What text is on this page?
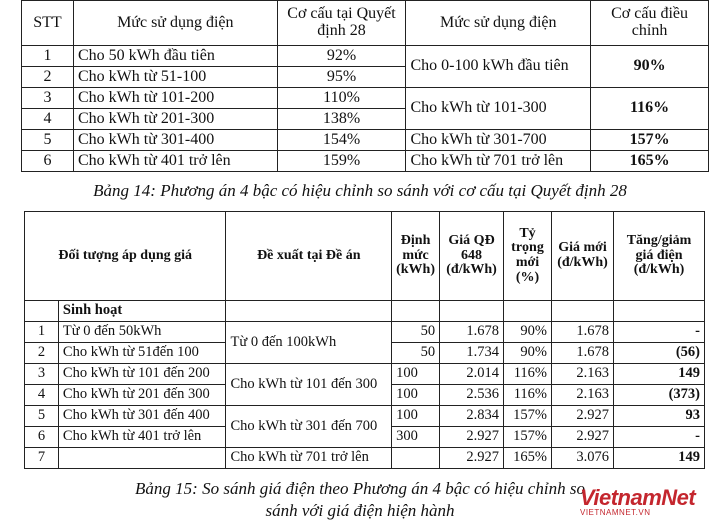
STT	Mức sử dụng điện	Cơ cấu tại Quyết định 28	Mức sử dụng điện	Cơ cấu điều chỉnh
1	Cho 50 kWh đầu tiên	92%	Cho 0-100 kWh đầu tiên	90%
2	Cho kWh từ 51-100	95%		
3	Cho kWh từ 101-200	110%	Cho kWh từ 101-300	116%
4	Cho kWh từ 201-300	138%		
5	Cho kWh từ 301-400	154%	Cho kWh từ 301-700	157%
6	Cho kWh từ 401 trở lên	159%	Cho kWh từ 701 trở lên	165%
Bảng 14: Phương án 4 bậc có hiệu chỉnh so sánh với cơ cấu tại Quyết định 28
Đối tượng áp dụng giá		Đề xuất tại Đề án	Định mức (kWh)	Giá QĐ 648 (đ/kWh)	Tỷ trọng mới (%)	Giá mới (đ/kWh)	Tăng/giảm giá điện (đ/kWh)
	Sinh hoạt						
1	Từ 0 đến 50kWh	Từ 0 đến 100kWh	50	1.678	90%	1.678	-
2	Cho kWh từ 51đến 100		50	1.734	90%	1.678	(56)
3	Cho kWh từ 101 đến 200	Cho kWh từ 101 đến 300	100	2.014	116%	2.163	149
4	Cho kWh từ 201 đến 300		100	2.536	116%	2.163	(373)
5	Cho kWh từ 301 đến 400	Cho kWh từ 301 đến 700	100	2.834	157%	2.927	93
6	Cho kWh từ 401 trở lên		300	2.927	157%	2.927	-
7		Cho kWh từ 701 trở lên		2.927	165%	3.076	149
Bảng 15: So sánh giá điện theo Phương án 4 bậc có hiệu chỉnh so sánh với giá điện hiện hành
VietnamNet
VIETNAMNET.VN
